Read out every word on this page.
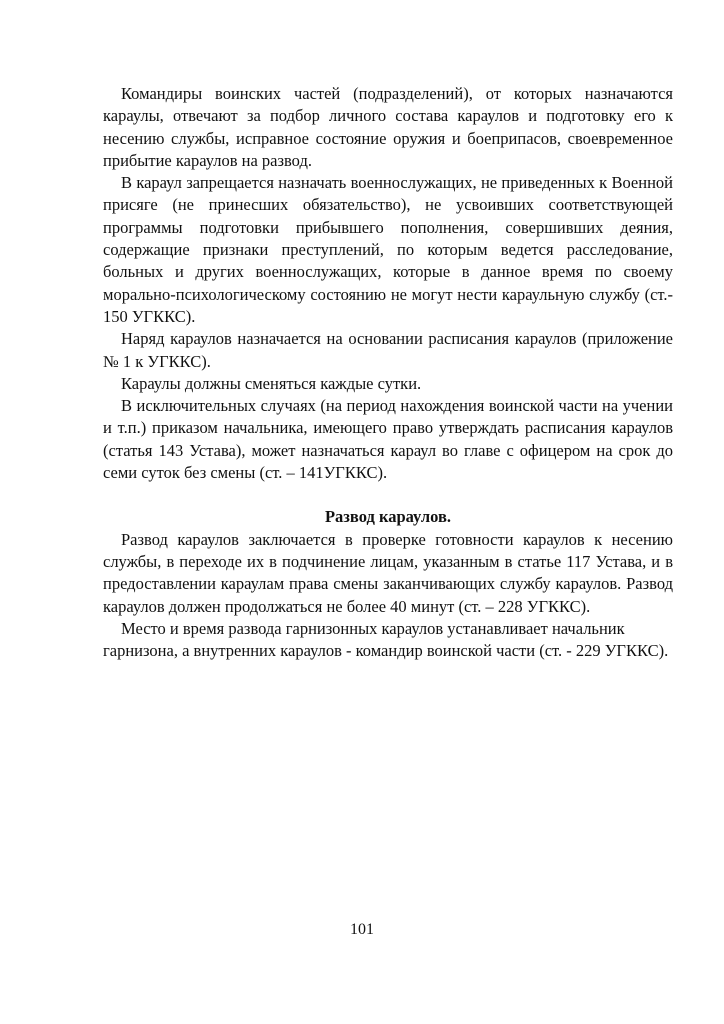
Командиры воинских частей (подразделений), от которых назначаются караулы, отвечают за подбор личного состава караулов и подготовку его к несению службы, исправное состояние оружия и боеприпасов, своевременное прибытие караулов на развод.

В караул запрещается назначать военнослужащих, не приведенных к Военной присяге (не принесших обязательство), не усвоивших соответствующей программы подготовки прибывшего пополнения, совершивших деяния, содержащие признаки преступлений, по которым ведется расследование, больных и других военнослужащих, которые в данное время по своему морально-психологическому состоянию не могут нести караульную службу (ст.- 150 УГККС).

Наряд караулов назначается на основании расписания караулов (приложение № 1 к УГККС).

Караулы должны сменяться каждые сутки.

В исключительных случаях (на период нахождения воинской части на учении и т.п.) приказом начальника, имеющего право утверждать расписания караулов (статья 143 Устава), может назначаться караул во главе с офицером на срок до семи суток без смены (ст. – 141УГККС).

Развод караулов.

Развод караулов заключается в проверке готовности караулов к несению службы, в переходе их в подчинение лицам, указанным в статье 117 Устава, и в предоставлении караулам права смены заканчивающих службу караулов. Развод караулов должен продолжаться не более 40 минут (ст. – 228 УГККС).

Место и время развода гарнизонных караулов устанавливает начальник гарнизона, а внутренних караулов - командир воинской части (ст. - 229 УГККС).

101
